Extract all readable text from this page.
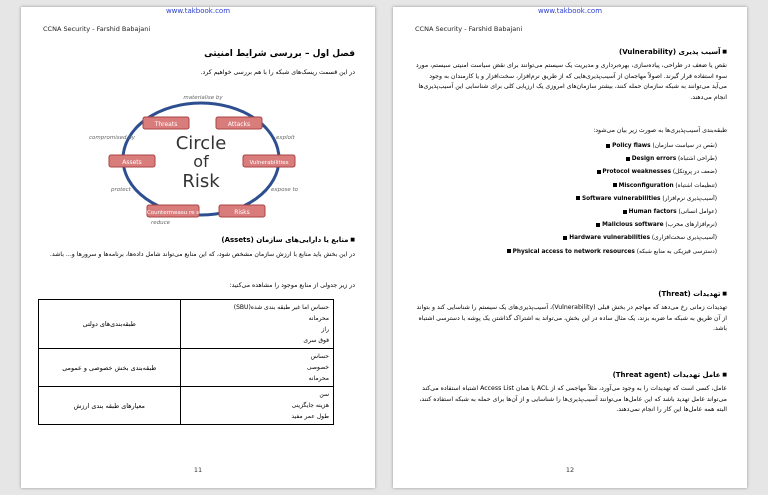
www.takbook.com
CCNA Security - Farshid Babajani
فصل اول – بررسی شرایط امنیتی
در این قسمت ریسک‌های شبکه را با هم بررسی خواهیم کرد.
Circle
of
Risk
Threats	Attacks
Vulnerabilities
Risks
Countermeasu re s
Assets
materialise by
exploit
expose to
protect
compromised by
reduce
■ منابع یا دارایی‌های سازمان (Assets)
در این بخش باید منابع با ارزش سازمان مشخص شود، که این منابع می‌تواند شامل داده‌ها، برنامه‌ها و سرورها و... باشد.
در زیر جدولی از منابع موجود را مشاهده می‌کنید:
طبقه‌بندی‌های دولتی	حساس اما غیر طبقه بندی شده(SBU)
محرمانه
راز
فوق سری

طبقه‌بندی بخش خصوصی و عمومی	حساس
خصوصی
محرمانه

معیارهای طبقه بندی ارزش	سن
هزینه جایگزینی
طول عمر مفید
11
www.takbook.com
CCNA Security - Farshid Babajani
■ آسیب پذیری (Vulnerability)
نقص یا ضعف در طراحی، پیاده‌سازی، بهره‌برداری و مدیریت یک سیستم می‌توانند برای نقض سیاست امنیتی سیستم، مورد سوء استفاده قرار گیرند. اصولاً مهاجمان از آسیب‌پذیری‌هایی که از طریق نرم‌افزار، سخت‌افزار و یا کارمندان به وجود می‌آید می‌توانند به شبکه سازمان حمله کنند، بیشتر سازمان‌های امروزی یک ارزیابی کلی برای شناسایی این آسیب‌پذیری‌ها انجام می‌دهند.
طبقه‌بندی آسیب‌پذیری‌ها به صورت زیر بیان می‌شود:
(نقص در سیاست سازمان) Policy flaws
(طراحی اشتباه) Design errors
(ضعف در پروتکل) Protocol weaknesses
(تنظیمات اشتباه) Misconfiguration
(آسیب‌پذیری نرم‌افزار) Software vulnerabilities
(عوامل انسانی) Human factors
(نرم‌افزارهای مخرب) Malicious software
(آسیب‌پذیری سخت‌افزاری) Hardware vulnerabilities
(دسترسی فیزیکی به منابع شبکه) Physical access to network resources
■ تهدیدات (Threat)
تهدیدات زمانی رخ می‌دهد که مهاجم در بخش قبلی (Vulnerability)، آسیب‌پذیری‌های یک سیستم را شناسایی کند و بتواند از آن طریق به شبکه ما ضربه بزند، یک مثال ساده در این بخش، می‌تواند به اشتراک گذاشتن یک پوشه با دسترسی اشتباه باشد.
■ عامل تهدیدات (Threat agent)
عامل، کسی است که تهدیدات را به وجود می‌آورد، مثلاً مهاجمی که از ACL یا همان Access List اشتباه استفاده می‌کند می‌تواند عامل تهدید باشد که این عامل‌ها می‌توانند آسیب‌پذیری‌ها را شناسایی و از آن‌ها برای حمله به شبکه استفاده کنند، البته همه عامل‌ها این کار را انجام نمی‌دهند.
12
